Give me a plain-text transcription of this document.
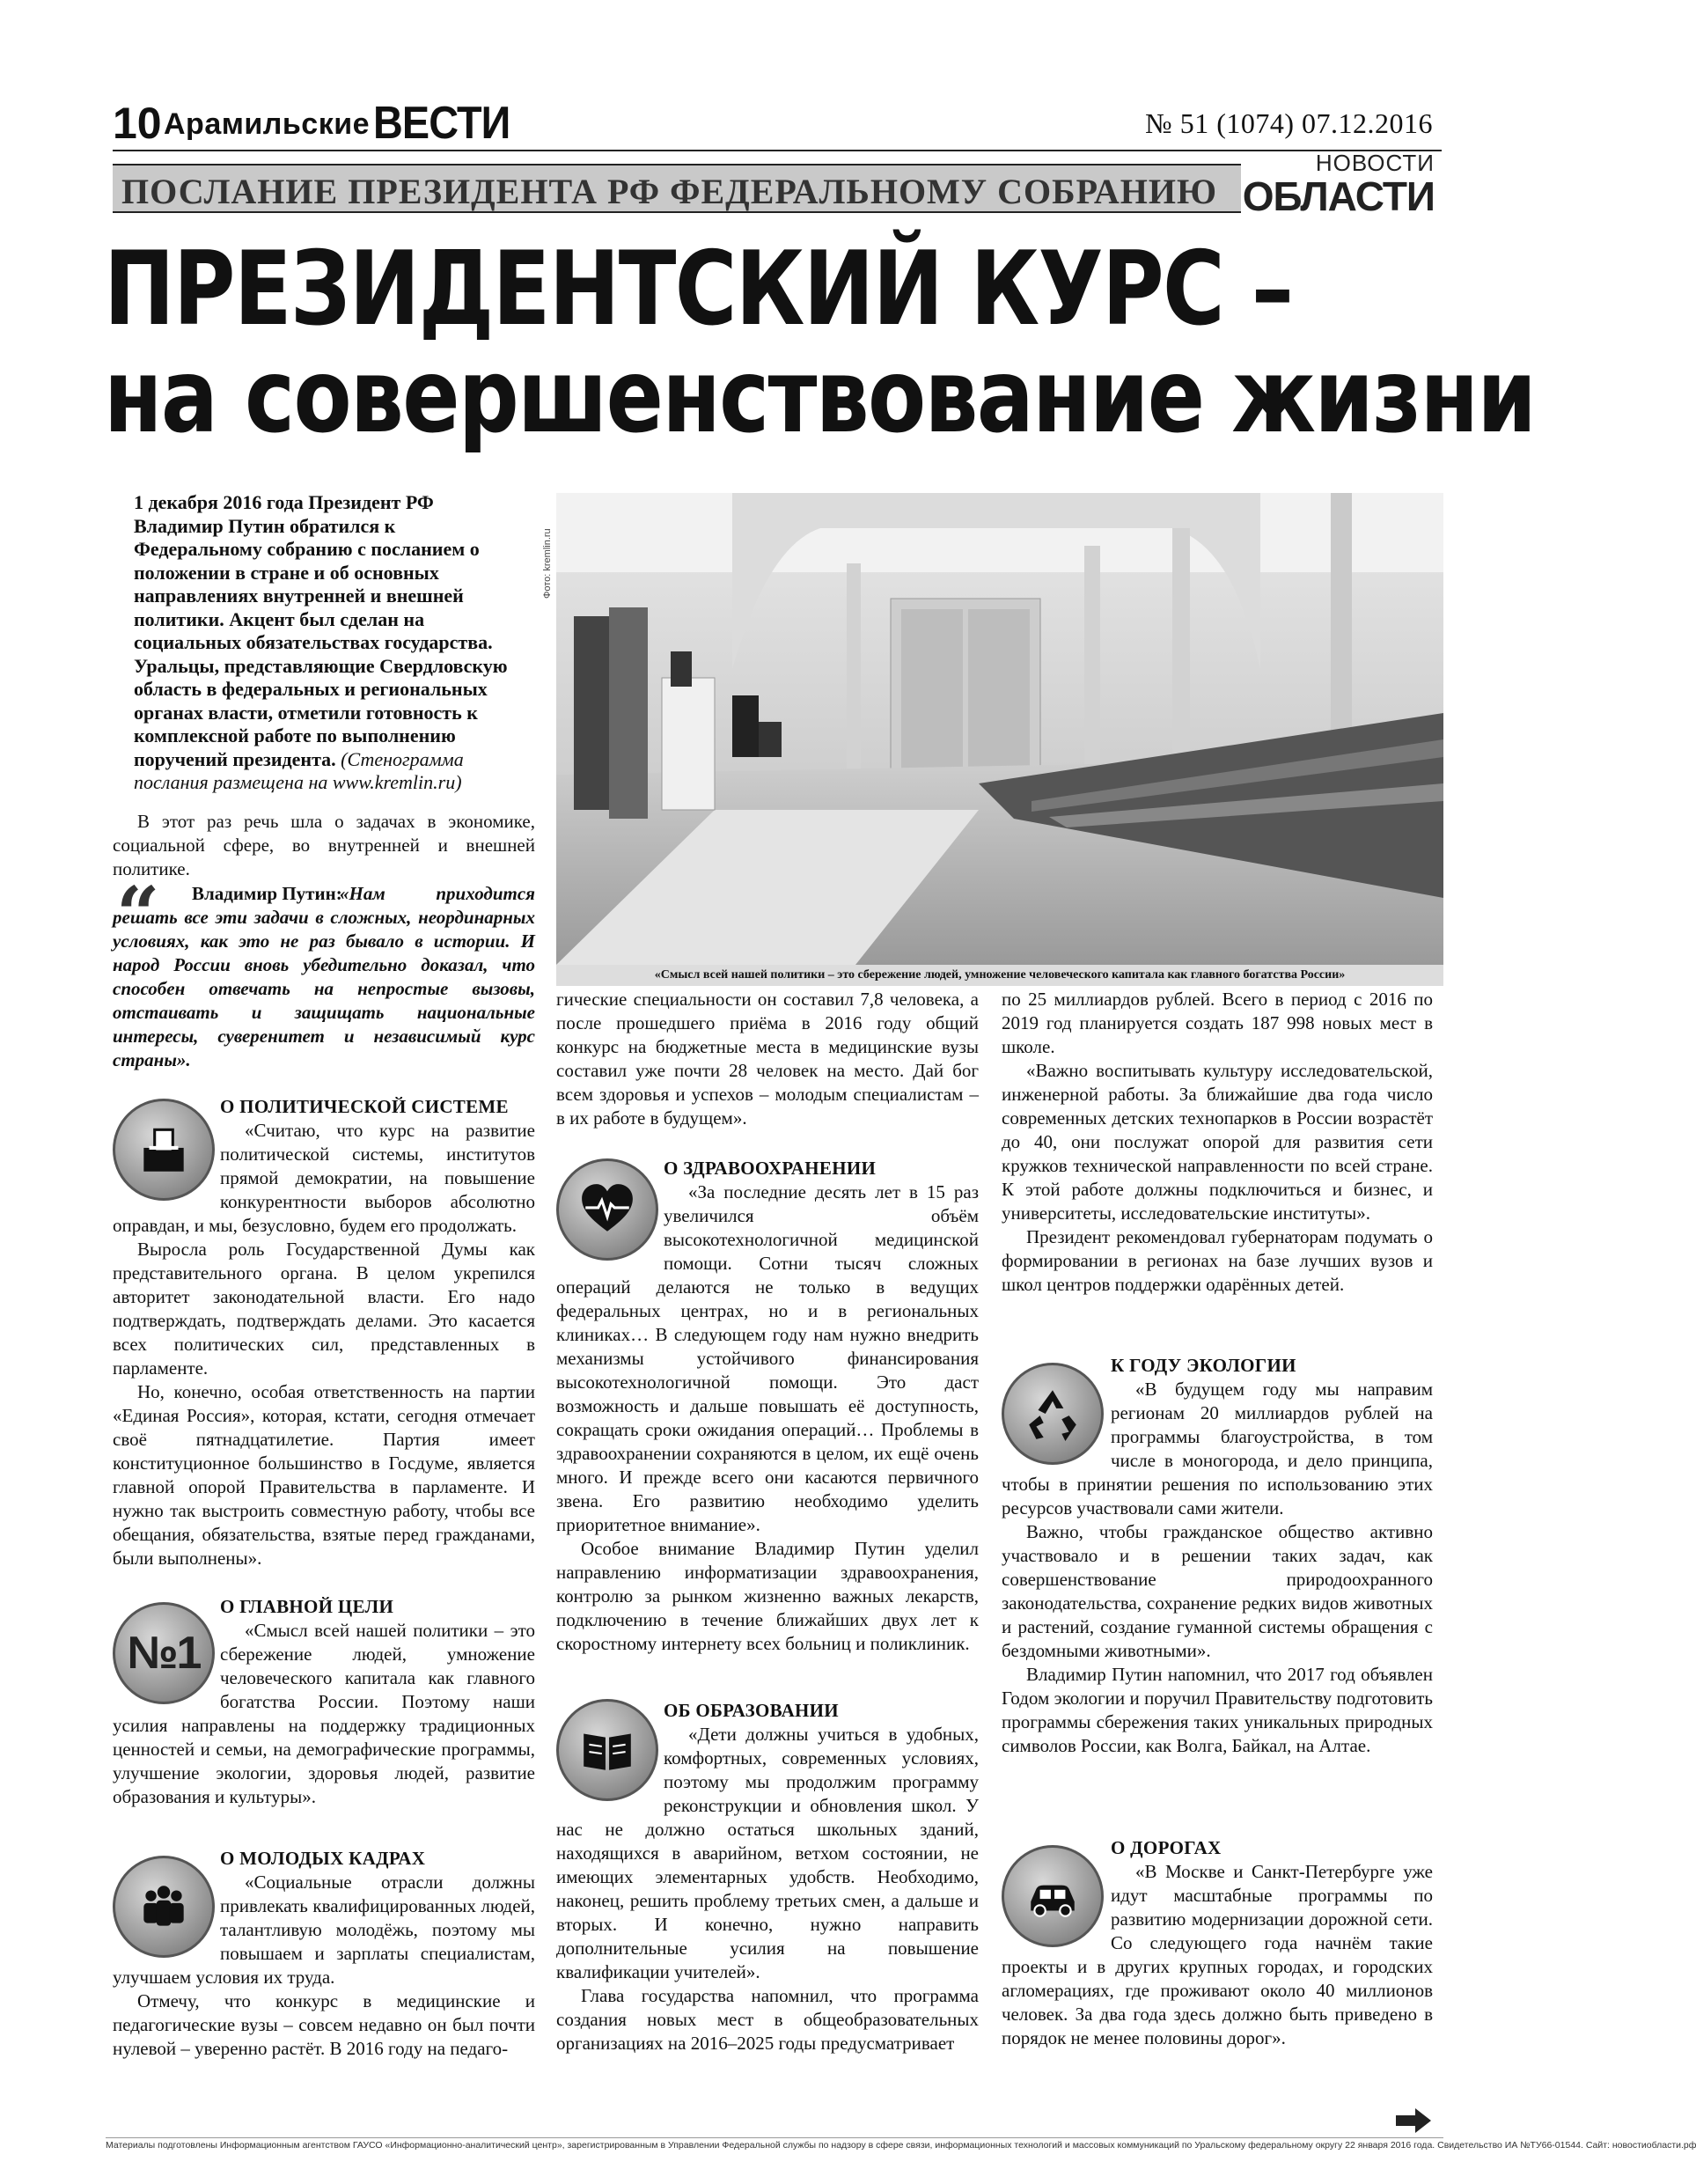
10 Арамильские ВЕСТИ	№ 51 (1074) 07.12.2016
ПОСЛАНИЕ ПРЕЗИДЕНТА РФ ФЕДЕРАЛЬНОМУ СОБРАНИЮ
НОВОСТИ
ОБЛАСТИ
ПРЕЗИДЕНТСКИЙ КУРС –
на совершенствование жизни
1 декабря 2016 года Президент РФ Владимир Путин обратился к Федеральному собранию с посланием о положении в стране и об основных направлениях внутренней и внешней политики. Акцент был сделан на социальных обязательствах государства. Уральцы, представляющие Свердловскую область в федеральных и региональных органах власти, отметили готовность к комплексной работе по выполнению поручений президента. (Стенограмма послания размещена на www.kremlin.ru)
Фото: kremlin.ru
«Смысл всей нашей политики – это сбережение людей, умножение человеческого капитала как главного богатства России»

В этот раз речь шла о задачах в экономике, социальной сфере, во внутренней и внешней политике.

“	Владимир Путин:

«Нам приходится решать все эти задачи в сложных, неординарных условиях, как это не раз бывало в истории. И народ России вновь убедительно доказал, что способен отвечать на непростые вызовы, отстаивать и защищать национальные интересы, суверенитет и независимый курс страны».

О ПОЛИТИЧЕСКОЙ СИСТЕМЕ

«Считаю, что курс на развитие политической системы, институтов прямой демократии, на повышение конкурентности выборов абсолютно оправдан, и мы, безусловно, будем его продолжать.

Выросла роль Государственной Думы как представительного органа. В целом укрепился авторитет законодательной власти. Его надо подтверждать, подтверждать делами. Это касается всех политических сил, представленных в парламенте.

Но, конечно, особая ответственность на партии «Единая Россия», которая, кстати, сегодня отмечает своё пятнадцатилетие. Партия имеет конституционное большинство в Госдуме, является главной опорой Правительства в парламенте. И нужно так выстроить совместную работу, чтобы все обещания, обязательства, взятые перед гражданами, были выполнены».

№1

О ГЛАВНОЙ ЦЕЛИ

«Смысл всей нашей политики – это сбережение людей, умножение человеческого капитала как главного богатства России. Поэтому наши усилия направлены на поддержку традиционных ценностей и семьи, на демографические программы, улучшение экологии, здоровья людей, развитие образования и культуры».

О МОЛОДЫХ КАДРАХ

«Социальные отрасли должны привлекать квалифицированных людей, талантливую молодёжь, поэтому мы повышаем и зарплаты специалистам, улучшаем условия их труда.

Отмечу, что конкурс в медицинские и педагогические вузы – совсем недавно он был почти нулевой – уверенно растёт. В 2016 году на педаго-

гические специальности он составил 7,8 человека, а после прошедшего приёма в 2016 году общий конкурс на бюджетные места в медицинские вузы составил уже почти 28 человек на место. Дай бог всем здоровья и успехов – молодым специалистам – в их работе в будущем».

О ЗДРАВООХРАНЕНИИ

«За последние десять лет в 15 раз увеличился объём высокотехнологичной медицинской помощи. Сотни тысяч сложных операций делаются не только в ведущих федеральных центрах, но и в региональных клиниках… В следующем году нам нужно внедрить механизмы устойчивого финансирования высокотехнологичной помощи. Это даст возможность и дальше повышать её доступность, сокращать сроки ожидания операций… Проблемы в здравоохранении сохраняются в целом, их ещё очень много. И прежде всего они касаются первичного звена. Его развитию необходимо уделить приоритетное внимание».

Особое внимание Владимир Путин уделил направлению информатизации здравоохранения, контролю за рынком жизненно важных лекарств, подключению в течение ближайших двух лет к скоростному интернету всех больниц и поликлиник.

ОБ ОБРАЗОВАНИИ

«Дети должны учиться в удобных, комфортных, современных условиях, поэтому мы продолжим программу реконструкции и обновления школ. У нас не должно остаться школьных зданий, находящихся в аварийном, ветхом состоянии, не имеющих элементарных удобств. Необходимо, наконец, решить проблему третьих смен, а дальше и вторых. И конечно, нужно направить дополнительные усилия на повышение квалификации учителей».

Глава государства напомнил, что программа создания новых мест в общеобразовательных организациях на 2016–2025 годы предусматривает

по 25 миллиардов рублей. Всего в период с 2016 по 2019 год планируется создать 187 998 новых мест в школе.

«Важно воспитывать культуру исследовательской, инженерной работы. За ближайшие два года число современных детских технопарков в России возрастёт до 40, они послужат опорой для развития сети кружков технической направленности по всей стране. К этой работе должны подключиться и бизнес, и университеты, исследовательские институты».

Президент рекомендовал губернаторам подумать о формировании в регионах на базе лучших вузов и школ центров поддержки одарённых детей.

К ГОДУ ЭКОЛОГИИ

«В будущем году мы направим регионам 20 миллиардов рублей на программы благоустройства, в том числе в моногорода, и дело принципа, чтобы в принятии решения по использованию этих ресурсов участвовали сами жители.

Важно, чтобы гражданское общество активно участвовало и в решении таких задач, как совершенствование природоохранного законодательства, сохранение редких видов животных и растений, создание гуманной системы обращения с бездомными животными».

Владимир Путин напомнил, что 2017 год объявлен Годом экологии и поручил Правительству подготовить программы сбережения таких уникальных природных символов России, как Волга, Байкал, на Алтае.

О ДОРОГАХ

«В Москве и Санкт-Петербурге уже идут масштабные программы по развитию модернизации дорожной сети. Со следующего года начнём такие проекты и в других крупных городах, и городских агломерациях, где проживают около 40 миллионов человек. За два года здесь должно быть приведено в порядок не менее половины дорог».

Материалы подготовлены Информационным агентством ГАУСО «Информационно-аналитический центр», зарегистрированным в Управлении Федеральной службы по надзору в сфере связи, информационных технологий и массовых коммуникаций по Уральскому федеральному округу 22 января 2016 года. Свидетельство ИА №ТУ66-01544. Сайт: новостиобласти.рф
